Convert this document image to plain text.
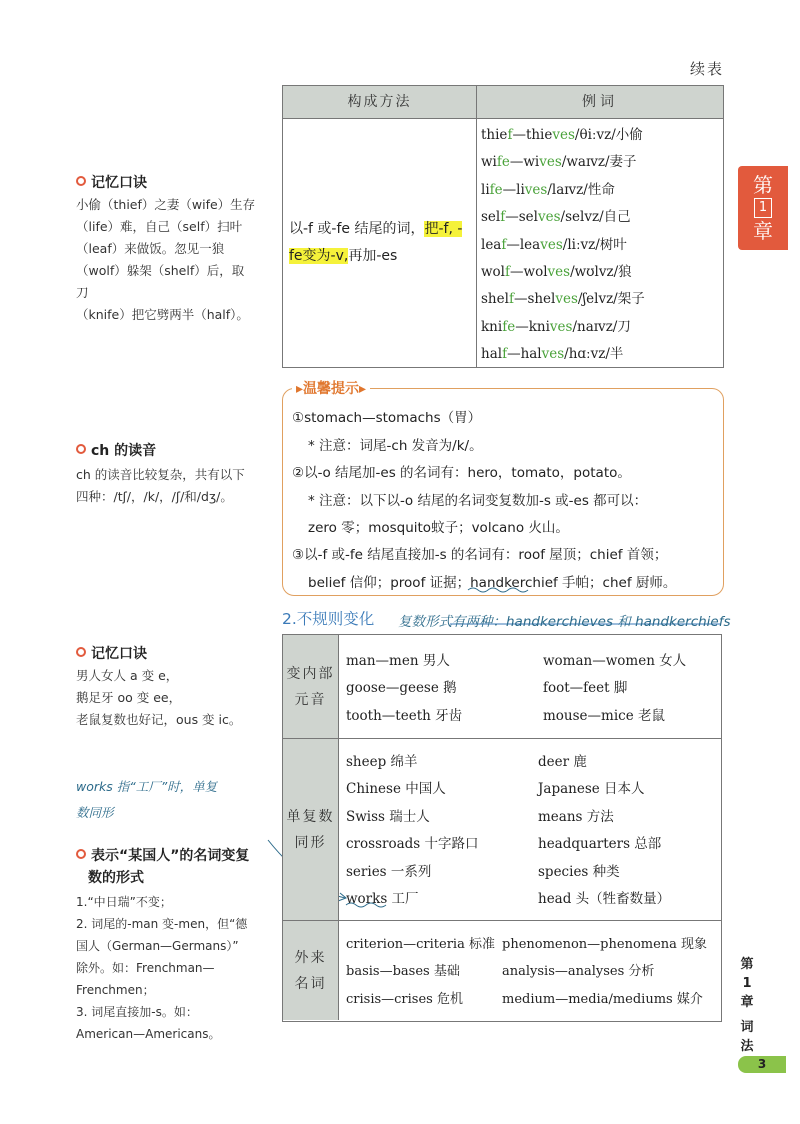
续表
构成方法	例词
以-f 或-fe 结尾的词，把-f, -fe变为-v,再加-es
thief—thieves/θiːvz/小偷
wife—wives/waɪvz/妻子
life—lives/laɪvz/性命
self—selves/selvz/自己
leaf—leaves/liːvz/树叶
wolf—wolves/wʊlvz/狼
shelf—shelves/ʃelvz/架子
knife—knives/naɪvz/刀
half—halves/hɑːvz/半
第
1
章
记忆口诀
小偷（thief）之妻（wife）生存
（life）难，自己（self）扫叶
（leaf）来做饭。忽见一狼
（wolf）躲架（shelf）后，取刀
（knife）把它劈两半（half）。
ch 的读音
ch 的读音比较复杂，共有以下
四种：/tʃ/，/k/，/ʃ/和/dʒ/。
记忆口诀
男人女人 a 变 e，
鹅足牙 oo 变 ee，
老鼠复数也好记，ous 变 ic。
works 指“工厂”时，单复
数同形
表示“某国人”的名词变复
数的形式
1.“中日瑞”不变；
2. 词尾的-man 变-men，但“德
国人（German—Germans）”
除外。如：Frenchman—
Frenchmen；
3. 词尾直接加-s。如：
American—Americans。
▸温馨提示▸
①stomach—stomachs（胃）
* 注意：词尾-ch 发音为/k/。
②以-o 结尾加-es 的名词有：hero，tomato，potato。
* 注意：以下以-o 结尾的名词变复数加-s 或-es 都可以：
zero 零；mosquito蚊子；volcano 火山。
③以-f 或-fe 结尾直接加-s 的名词有：roof 屋顶；chief 首领；
belief 信仰；proof 证据；handkerchief 手帕；chef 厨师。
2.不规则变化 复数形式有两种：handkerchieves 和 handkerchiefs
变内部
元音
单复数
同形
外来
名词
man—men 男人
goose—geese 鹅
tooth—teeth 牙齿
woman—women 女人
foot—feet 脚
mouse—mice 老鼠
sheep 绵羊
Chinese 中国人
Swiss 瑞士人
crossroads 十字路口
series 一系列
works 工厂
deer 鹿
Japanese 日本人
means 方法
headquarters 总部
species 种类
head 头（牲畜数量）
criterion—criteria 标准
basis—bases 基础
crisis—crises 危机
phenomenon—phenomena 现象
analysis—analyses 分析
medium—media/mediums 媒介
第
1
章
词
法
3
